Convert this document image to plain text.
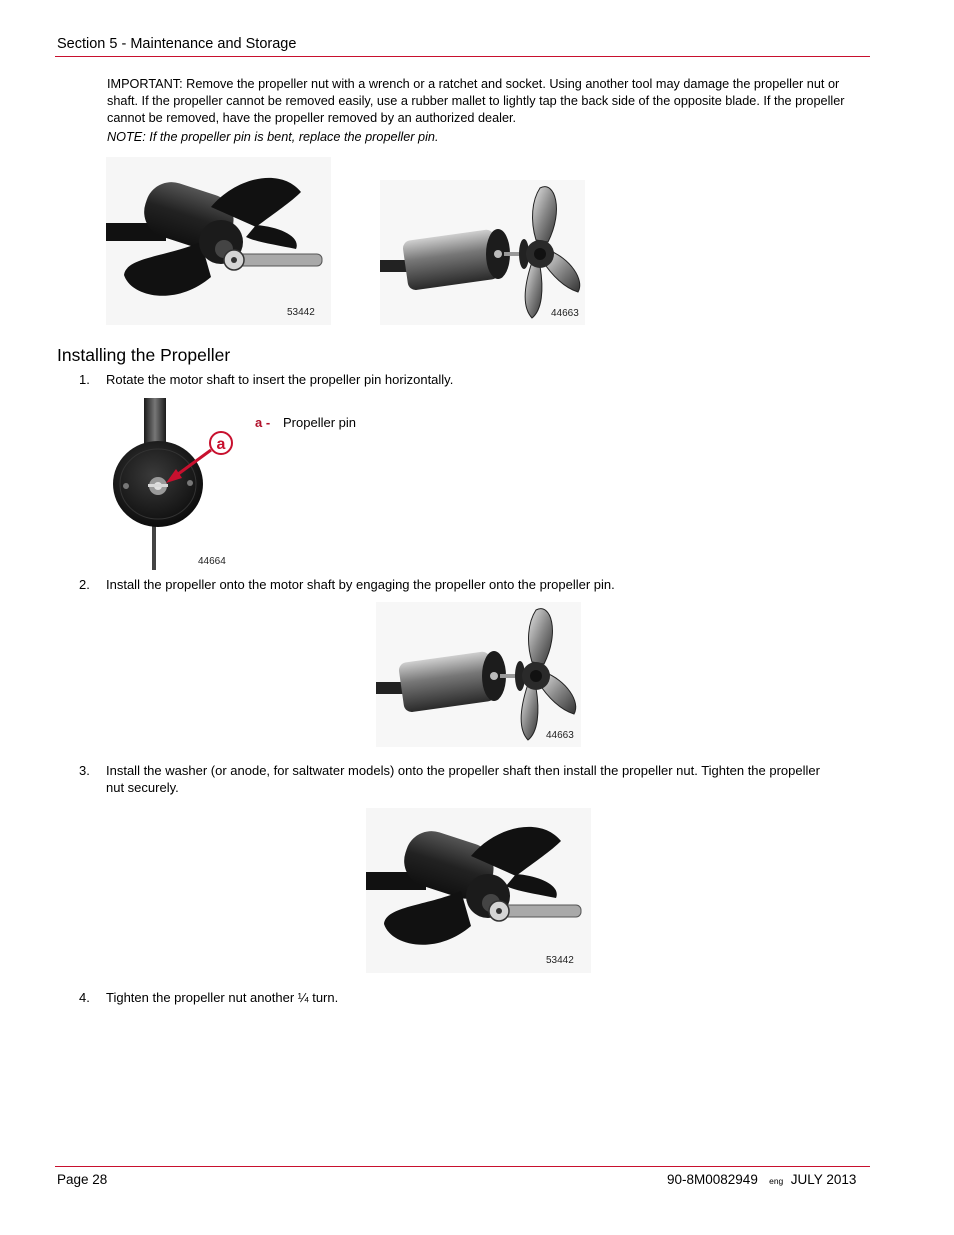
Section 5 - Maintenance and Storage
IMPORTANT: Remove the propeller nut with a wrench or a ratchet and socket. Using another tool may damage the propeller nut or shaft. If the propeller cannot be removed easily, use a rubber mallet to lightly tap the back side of the opposite blade. If the propeller cannot be removed, have the propeller removed by an authorized dealer.
NOTE: If the propeller pin is bent, replace the propeller pin.
53442	44663
Installing the Propeller
1. Rotate the motor shaft to insert the propeller pin horizontally.
a
44664
a - Propeller pin
2. Install the propeller onto the motor shaft by engaging the propeller onto the propeller pin.
44663
3. Install the washer (or anode, for saltwater models) onto the propeller shaft then install the propeller nut. Tighten the propeller nut securely.
53442
4. Tighten the propeller nut another ¼ turn.
Page 28	90-8M0082949 eng JULY 2013
